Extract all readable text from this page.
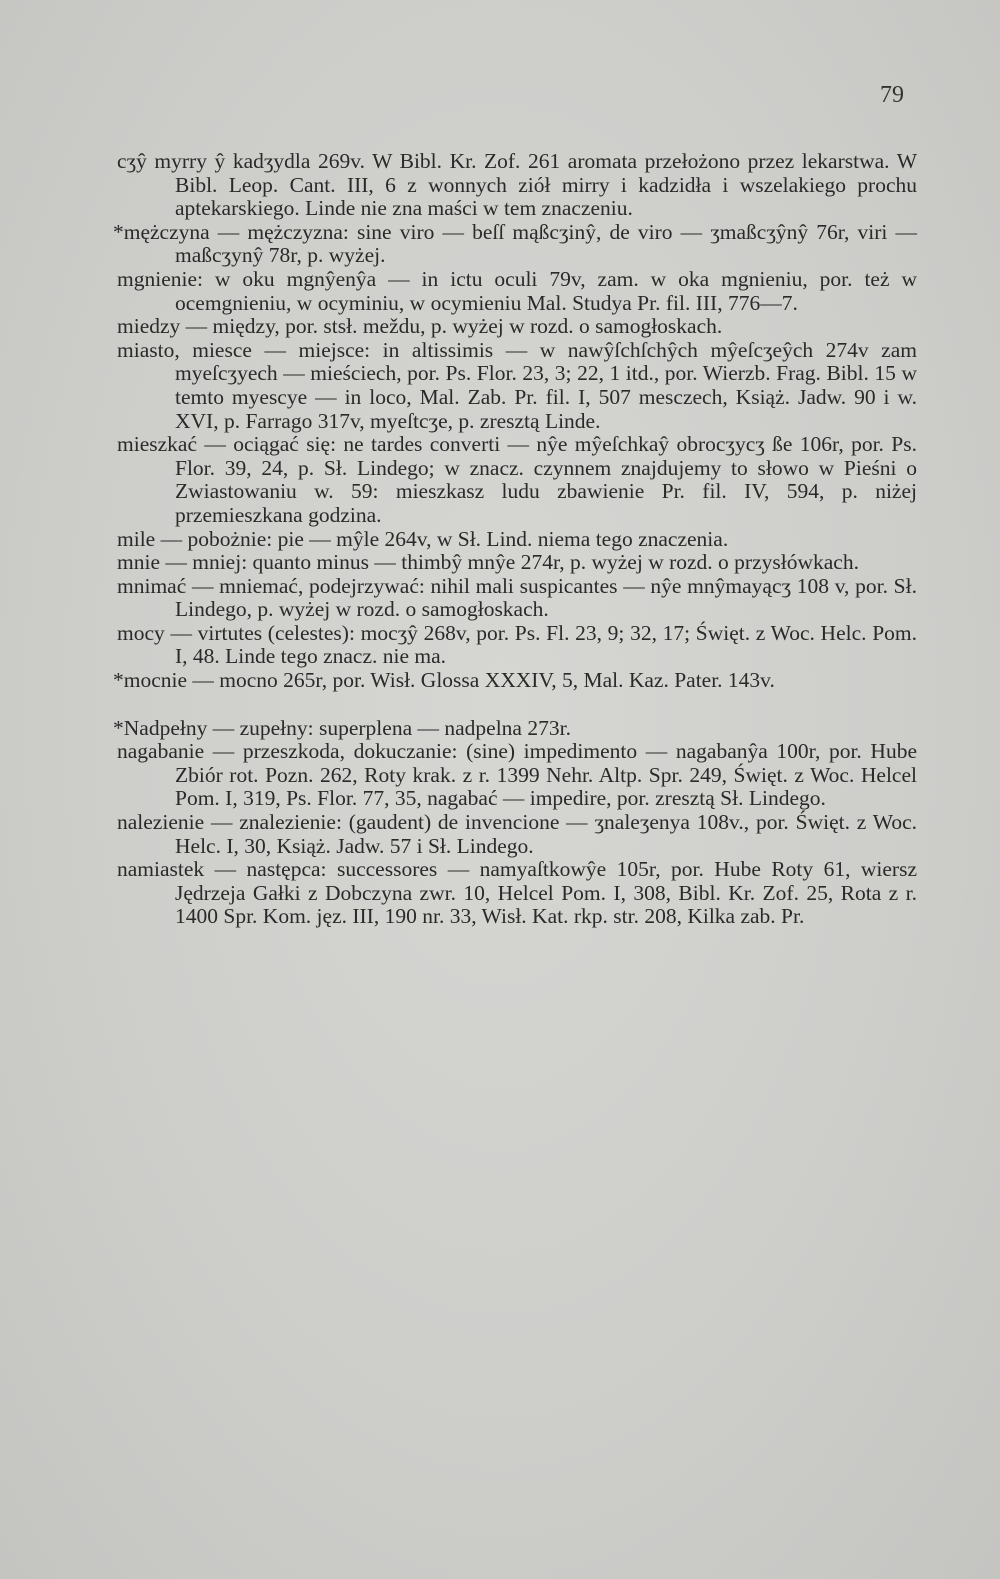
79

cʒŷ myrry ŷ kadʒydla 269v. W Bibl. Kr. Zof. 261 aromata przełożono przez lekarstwa. W Bibl. Leop. Cant. III, 6 z wonnych ziół mirry i kadzidła i wszelakiego prochu aptekarskiego. Linde nie zna maści w tem znaczeniu.

*mężczyna — mężczyzna: sine viro — beſſ mąßcʒinŷ, de viro — ʒmaßcʒŷnŷ 76r, viri — maßcʒynŷ 78r, p. wyżej.

mgnienie: w oku mgnŷenŷa — in ictu oculi 79v, zam. w oka mgnieniu, por. też w ocemgnieniu, w ocyminiu, w ocymieniu Mal. Studya Pr. fil. III, 776—7.

miedzy — między, por. stsł. meždu, p. wyżej w rozd. o samogłoskach.

miasto, miesce — miejsce: in altissimis — w nawŷſchſchŷch mŷeſcʒeŷch 274v zam myeſcʒyech — mieściech, por. Ps. Flor. 23, 3; 22, 1 itd., por. Wierzb. Frag. Bibl. 15 w temto myescye — in loco, Mal. Zab. Pr. fil. I, 507 mesczech, Książ. Jadw. 90 i w. XVI, p. Farrago 317v, myeſtcʒe, p. zresztą Linde.

mieszkać — ociągać się: ne tardes converti — nŷe mŷeſchkaŷ obrocʒycʒ ße 106r, por. Ps. Flor. 39, 24, p. Sł. Lindego; w znacz. czynnem znajdujemy to słowo w Pieśni o Zwiastowaniu w. 59: mieszkasz ludu zbawienie Pr. fil. IV, 594, p. niżej przemieszkana godzina.

mile — pobożnie: pie — mŷle 264v, w Sł. Lind. niema tego znaczenia.

mnie — mniej: quanto minus — thimbŷ mnŷe 274r, p. wyżej w rozd. o przysłówkach.

mnimać — mniemać, podejrzywać: nihil mali suspicantes — nŷe mnŷmayącʒ 108 v, por. Sł. Lindego, p. wyżej w rozd. o samogłoskach.

mocy — virtutes (celestes): mocʒŷ 268v, por. Ps. Fl. 23, 9; 32, 17; Święt. z Woc. Helc. Pom. I, 48. Linde tego znacz. nie ma.

*mocnie — mocno 265r, por. Wisł. Glossa XXXIV, 5, Mal. Kaz. Pater. 143v.

*Nadpełny — zupełny: superplena — nadpelna 273r.

nagabanie — przeszkoda, dokuczanie: (sine) impedimento — nagabanŷa 100r, por. Hube Zbiór rot. Pozn. 262, Roty krak. z r. 1399 Nehr. Altp. Spr. 249, Święt. z Woc. Helcel Pom. I, 319, Ps. Flor. 77, 35, nagabać — impedire, por. zresztą Sł. Lindego.

nalezienie — znalezienie: (gaudent) de invencione — ʒnaleʒenya 108v., por. Święt. z Woc. Helc. I, 30, Książ. Jadw. 57 i Sł. Lindego.

namiastek — następca: successores — namyaſtkowŷe 105r, por. Hube Roty 61, wiersz Jędrzeja Gałki z Dobczyna zwr. 10, Helcel Pom. I, 308, Bibl. Kr. Zof. 25, Rota z r. 1400 Spr. Kom. jęz. III, 190 nr. 33, Wisł. Kat. rkp. str. 208, Kilka zab. Pr.
